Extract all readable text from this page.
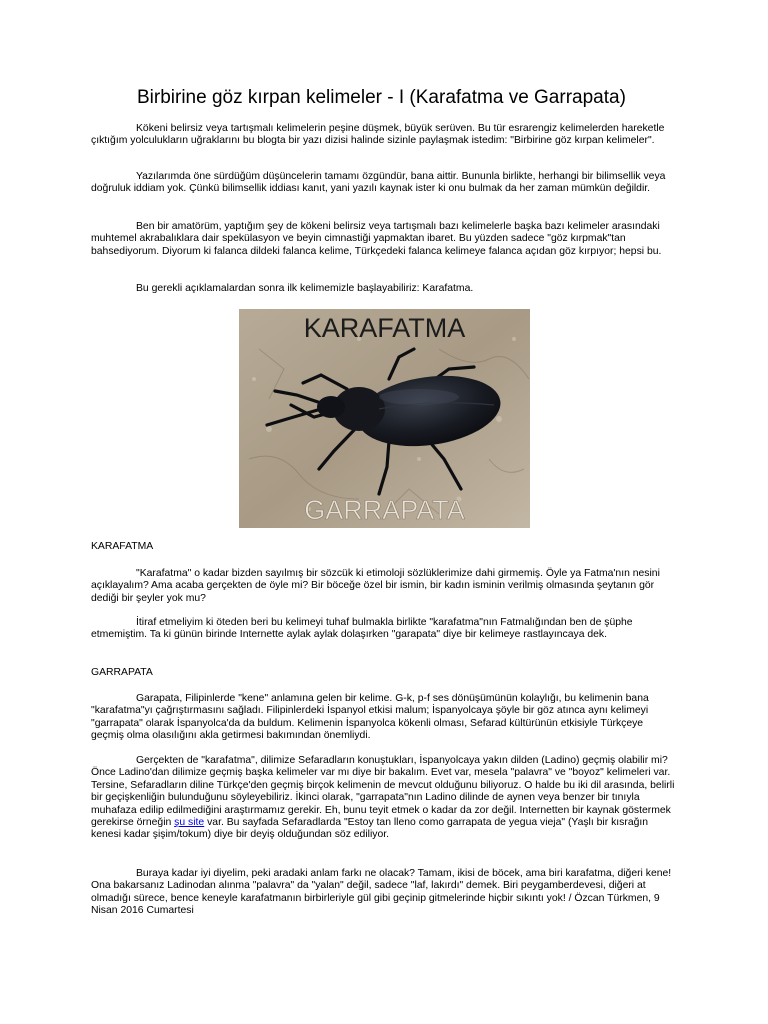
Birbirine göz kırpan kelimeler - I (Karafatma ve Garrapata)

Kökeni belirsiz veya tartışmalı kelimelerin peşine düşmek, büyük serüven. Bu tür esrarengiz kelimelerden hareketle çıktığım yolculukların uğraklarını bu blogta bir yazı dizisi halinde sizinle paylaşmak istedim: "Birbirine göz kırpan kelimeler".

Yazılarımda öne sürdüğüm düşüncelerin tamamı özgündür, bana aittir. Bununla birlikte, herhangi bir bilimsellik veya doğruluk iddiam yok. Çünkü bilimsellik iddiası kanıt, yani yazılı kaynak ister ki onu bulmak da her zaman mümkün değildir.

Ben bir amatörüm, yaptığım şey de kökeni belirsiz veya tartışmalı bazı kelimelerle başka bazı kelimeler arasındaki muhtemel akrabalıklara dair spekülasyon ve beyin cimnastiği yapmaktan ibaret. Bu yüzden sadece "göz kırpmak"tan bahsediyorum. Diyorum ki falanca dildeki falanca kelime, Türkçedeki falanca kelimeye falanca açıdan göz kırpıyor; hepsi bu.

Bu gerekli açıklamalardan sonra ilk kelimemizle başlayabiliriz: Karafatma.

KARAFATMA
GARRAPATA

KARAFATMA

"Karafatma" o kadar bizden sayılmış bir sözcük ki etimoloji sözlüklerimize dahi girmemiş. Öyle ya Fatma'nın nesini açıklayalım? Ama acaba gerçekten de öyle mi? Bir böceğe özel bir ismin, bir kadın isminin verilmiş olmasında şeytanın gör dediği bir şeyler yok mu?

İtiraf etmeliyim ki öteden beri bu kelimeyi tuhaf bulmakla birlikte "karafatma"nın Fatmalığından ben de şüphe etmemiştim. Ta ki günün birinde Internette aylak aylak dolaşırken "garapata" diye bir kelimeye rastlayıncaya dek.

GARRAPATA

Garapata, Filipinlerde "kene" anlamına gelen bir kelime. G-k, p-f ses dönüşümünün kolaylığı, bu kelimenin bana "karafatma"yı çağrıştırmasını sağladı. Filipinlerdeki İspanyol etkisi malum; İspanyolcaya şöyle bir göz atınca aynı kelimeyi "garrapata" olarak İspanyolca'da da buldum. Kelimenin İspanyolca kökenli olması, Sefarad kültürünün etkisiyle Türkçeye geçmiş olma olasılığını akla getirmesi bakımından önemliydi.

Gerçekten de "karafatma", dilimize Sefaradların konuştukları, İspanyolcaya yakın dilden (Ladino) geçmiş olabilir mi? Önce Ladino'dan dilimize geçmiş başka kelimeler var mı diye bir bakalım. Evet var, mesela "palavra" ve "boyoz" kelimeleri var. Tersine, Sefaradların diline Türkçe'den geçmiş birçok kelimenin de mevcut olduğunu biliyoruz. O halde bu iki dil arasında, belirli bir geçişkenliğin bulunduğunu söyleyebiliriz. İkinci olarak, "garrapata"nın Ladino dilinde de aynen veya benzer bir tınıyla muhafaza edilip edilmediğini araştırmamız gerekir. Eh, bunu teyit etmek o kadar da zor değil. Internetten bir kaynak göstermek gerekirse örneğin şu site var. Bu sayfada Sefaradlarda "Estoy tan lleno como garrapata de yegua vieja" (Yaşlı bir kısrağın kenesi kadar şişim/tokum) diye bir deyiş olduğundan söz ediliyor.

Buraya kadar iyi diyelim, peki aradaki anlam farkı ne olacak? Tamam, ikisi de böcek, ama biri karafatma, diğeri kene! Ona bakarsanız Ladinodan alınma "palavra" da "yalan" değil, sadece "laf, lakırdı" demek. Biri peygamberdevesi, diğeri at olmadığı sürece, bence keneyle karafatmanın birbirleriyle gül gibi geçinip gitmelerinde hiçbir sıkıntı yok! / Özcan Türkmen, 9 Nisan 2016 Cumartesi
